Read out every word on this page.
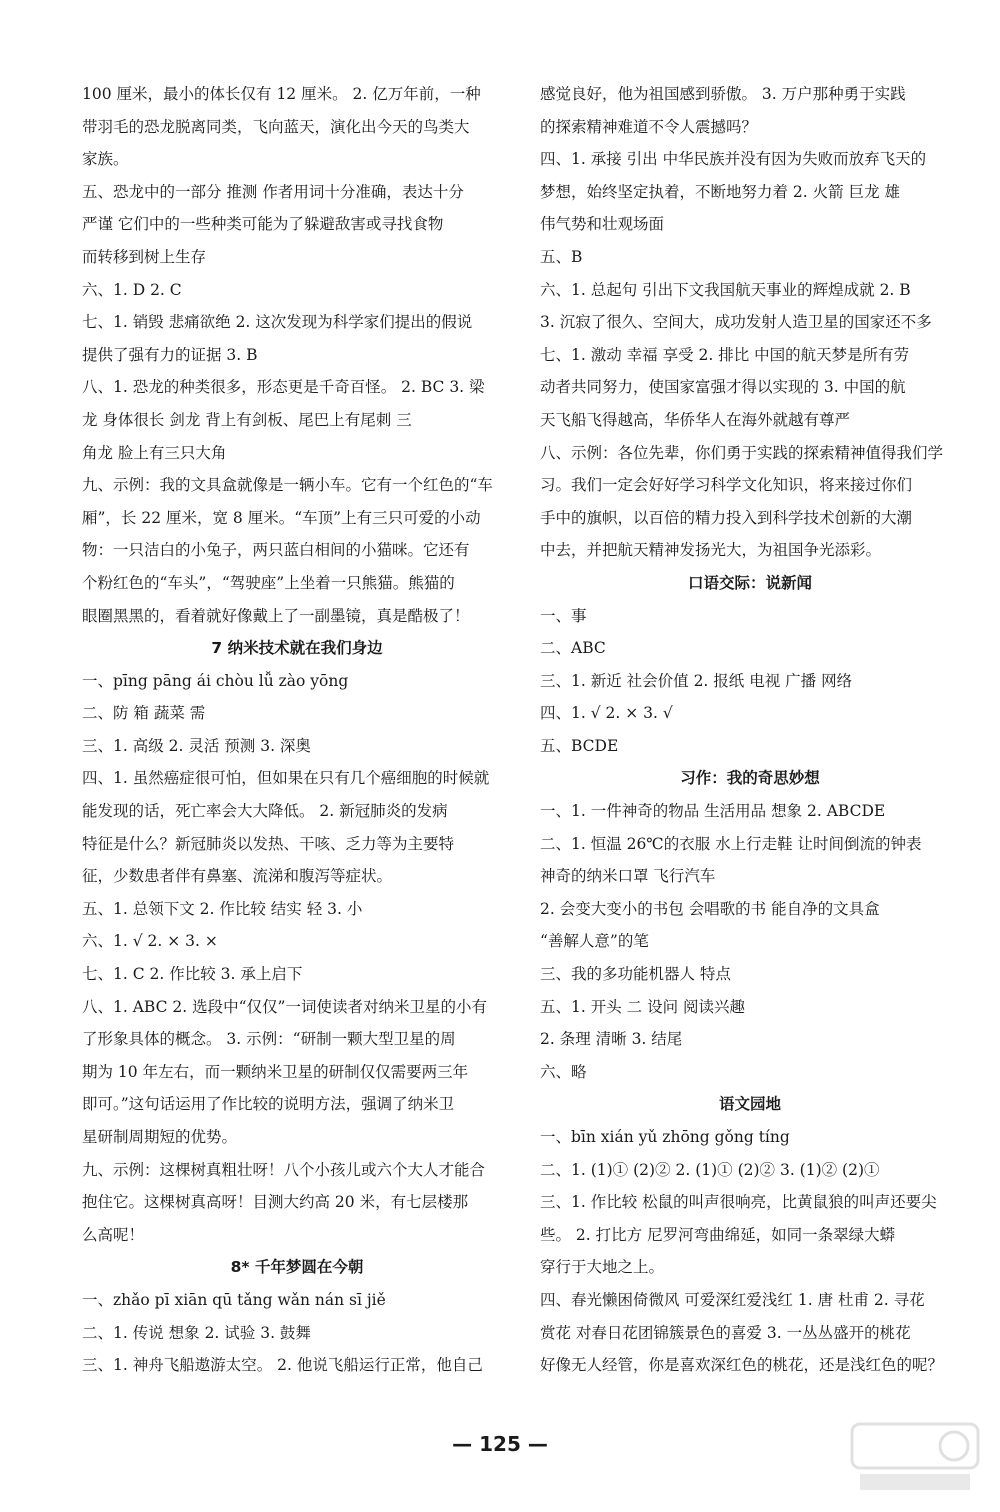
100 厘米，最小的体长仅有 12 厘米。 2. 亿万年前，一种
带羽毛的恐龙脱离同类，飞向蓝天，演化出今天的鸟类大
家族。
五、恐龙中的一部分 推测 作者用词十分准确，表达十分
严谨 它们中的一些种类可能为了躲避敌害或寻找食物
而转移到树上生存
六、1. D 2. C
七、1. 销毁 悲痛欲绝 2. 这次发现为科学家们提出的假说
提供了强有力的证据 3. B
八、1. 恐龙的种类很多，形态更是千奇百怪。 2. BC 3. 梁
龙 身体很长 剑龙 背上有剑板、尾巴上有尾刺 三
角龙 脸上有三只大角
九、示例：我的文具盒就像是一辆小车。它有一个红色的“车
厢”，长 22 厘米，宽 8 厘米。“车顶”上有三只可爱的小动
物：一只洁白的小兔子，两只蓝白相间的小猫咪。它还有
个粉红色的“车头”，“驾驶座”上坐着一只熊猫。熊猫的
眼圈黑黑的，看着就好像戴上了一副墨镜，真是酷极了！
7 纳米技术就在我们身边
一、pīng pāng ái chòu lǚ zào yōng
二、防 箱 蔬菜 需
三、1. 高级 2. 灵活 预测 3. 深奥
四、1. 虽然癌症很可怕，但如果在只有几个癌细胞的时候就
能发现的话，死亡率会大大降低。 2. 新冠肺炎的发病
特征是什么？新冠肺炎以发热、干咳、乏力等为主要特
征，少数患者伴有鼻塞、流涕和腹泻等症状。
五、1. 总领下文 2. 作比较 结实 轻 3. 小
六、1. √ 2. × 3. ×
七、1. C 2. 作比较 3. 承上启下
八、1. ABC 2. 选段中“仅仅”一词使读者对纳米卫星的小有
了形象具体的概念。 3. 示例：“研制一颗大型卫星的周
期为 10 年左右，而一颗纳米卫星的研制仅仅需要两三年
即可。”这句话运用了作比较的说明方法，强调了纳米卫
星研制周期短的优势。
九、示例：这棵树真粗壮呀！八个小孩儿或六个大人才能合
抱住它。这棵树真高呀！目测大约高 20 米，有七层楼那
么高呢！
8* 千年梦圆在今朝
一、zhǎo pī xiān qū tǎng wǎn nán sī jiě
二、1. 传说 想象 2. 试验 3. 鼓舞
三、1. 神舟飞船遨游太空。 2. 他说飞船运行正常，他自己
感觉良好，他为祖国感到骄傲。 3. 万户那种勇于实践
的探索精神难道不令人震撼吗？
四、1. 承接 引出 中华民族并没有因为失败而放弃飞天的
梦想，始终坚定执着，不断地努力着 2. 火箭 巨龙 雄
伟气势和壮观场面
五、B
六、1. 总起句 引出下文我国航天事业的辉煌成就 2. B
3. 沉寂了很久、空间大，成功发射人造卫星的国家还不多
七、1. 激动 幸福 享受 2. 排比 中国的航天梦是所有劳
动者共同努力，使国家富强才得以实现的 3. 中国的航
天飞船飞得越高，华侨华人在海外就越有尊严
八、示例：各位先辈，你们勇于实践的探索精神值得我们学
习。我们一定会好好学习科学文化知识，将来接过你们
手中的旗帜，以百倍的精力投入到科学技术创新的大潮
中去，并把航天精神发扬光大，为祖国争光添彩。
口语交际：说新闻
一、事
二、ABC
三、1. 新近 社会价值 2. 报纸 电视 广播 网络
四、1. √ 2. × 3. √
五、BCDE
习作：我的奇思妙想
一、1. 一件神奇的物品 生活用品 想象 2. ABCDE
二、1. 恒温 26℃的衣服 水上行走鞋 让时间倒流的钟表
神奇的纳米口罩 飞行汽车
2. 会变大变小的书包 会唱歌的书 能自净的文具盒
“善解人意”的笔
三、我的多功能机器人 特点
五、1. 开头 二 设问 阅读兴趣
2. 条理 清晰 3. 结尾
六、略
语文园地
一、bīn xián yǔ zhōng gǒng tíng
二、1. (1)① (2)② 2. (1)① (2)② 3. (1)② (2)①
三、1. 作比较 松鼠的叫声很响亮，比黄鼠狼的叫声还要尖
些。 2. 打比方 尼罗河弯曲绵延，如同一条翠绿大蟒
穿行于大地之上。
四、春光懒困倚微风 可爱深红爱浅红 1. 唐 杜甫 2. 寻花
赏花 对春日花团锦簇景色的喜爱 3. 一丛丛盛开的桃花
好像无人经管，你是喜欢深红色的桃花，还是浅红色的呢？
— 125 —
